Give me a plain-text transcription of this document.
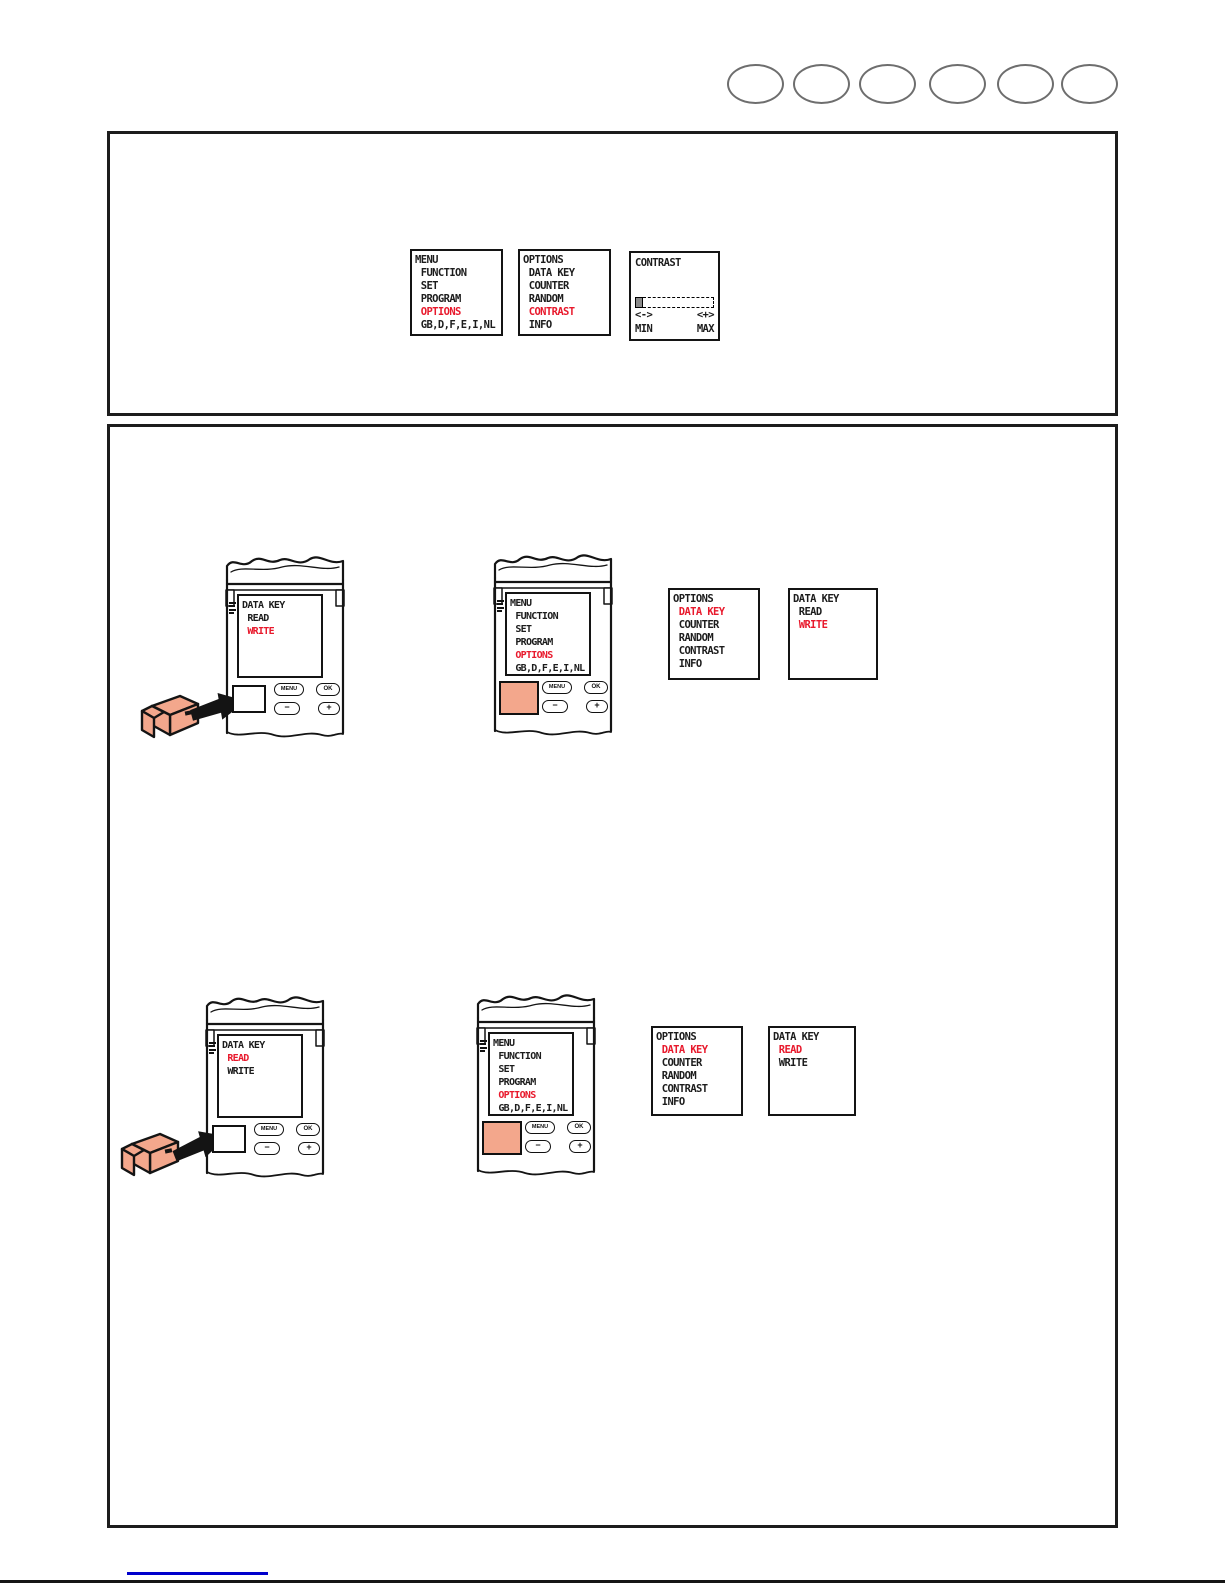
MENU
FUNCTION
SET
PROGRAM
OPTIONS
GB,D,F,E,I,NL
OPTIONS
DATA KEY
COUNTER
RANDOM
CONTRAST
INFO

CONTRAST
<->	<+>
MIN	MAX

DATA KEY
READ
WRITE
MENU	OK
−	+
MENU
FUNCTION
SET
PROGRAM
OPTIONS
GB,D,F,E,I,NL
MENU	OK
−	+
OPTIONS
DATA KEY
COUNTER
RANDOM
CONTRAST
INFO
DATA KEY
READ
WRITE
DATA KEY
READ
WRITE
MENU	OK
−	+
MENU
FUNCTION
SET
PROGRAM
OPTIONS
GB,D,F,E,I,NL
MENU	OK
−	+
OPTIONS
DATA KEY
COUNTER
RANDOM
CONTRAST
INFO
DATA KEY
READ
WRITE
